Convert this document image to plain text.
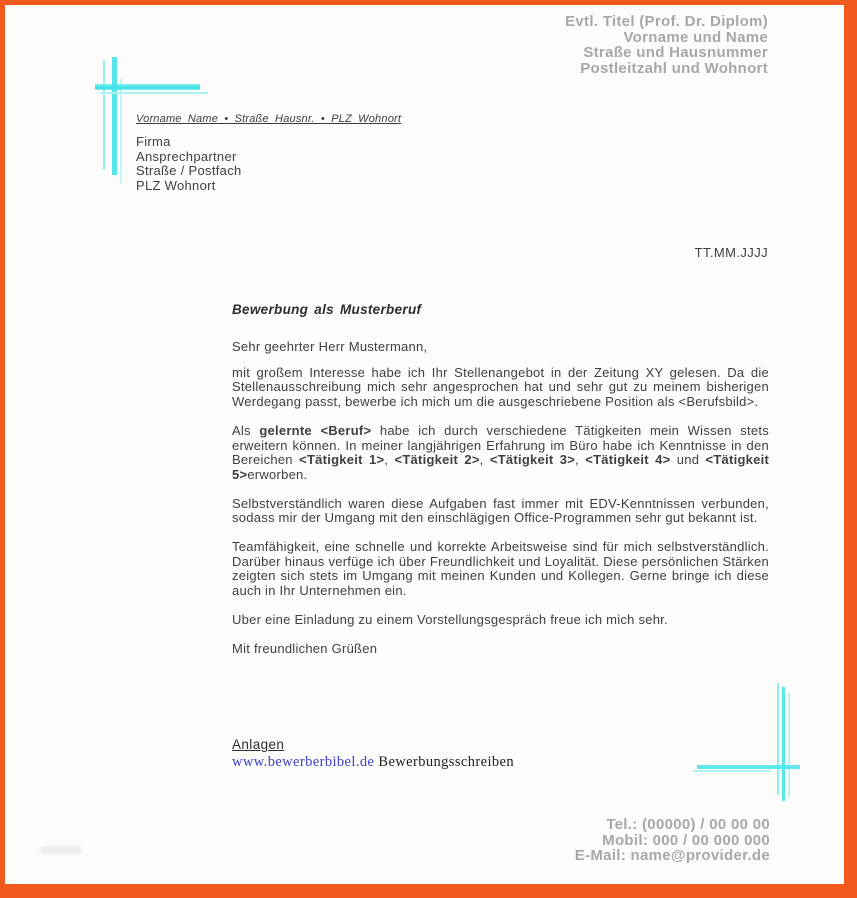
Evtl. Titel (Prof. Dr. Diplom)
Vorname und Name
Straße und Hausnummer
Postleitzahl und Wohnort
Vorname Name • Straße Hausnr. • PLZ Wohnort
Firma
Ansprechpartner
Straße / Postfach
PLZ Wohnort
TT.MM.JJJJ
Bewerbung als Musterberuf
Sehr geehrter Herr Mustermann,

mit großem Interesse habe ich Ihr Stellenangebot in der Zeitung XY gelesen. Da die Stellenausschreibung mich sehr angesprochen hat und sehr gut zu meinem bisherigen Werdegang passt, bewerbe ich mich um die ausgeschriebene Position als <Berufsbild>.

Als gelernte <Beruf> habe ich durch verschiedene Tätigkeiten mein Wissen stets erweitern können. In meiner langjährigen Erfahrung im Büro habe ich Kenntnisse in den Bereichen <Tätigkeit 1>, <Tätigkeit 2>, <Tätigkeit 3>, <Tätigkeit 4> und <Tätigkeit 5>erworben.

Selbstverständlich waren diese Aufgaben fast immer mit EDV-Kenntnissen verbunden, sodass mir der Umgang mit den einschlägigen Office-Programmen sehr gut bekannt ist.

Teamfähigkeit, eine schnelle und korrekte Arbeitsweise sind für mich selbstverständlich. Darüber hinaus verfüge ich über Freundlichkeit und Loyalität. Diese persönlichen Stärken zeigten sich stets im Umgang mit meinen Kunden und Kollegen. Gerne bringe ich diese auch in Ihr Unternehmen ein.

Uber eine Einladung zu einem Vorstellungsgespräch freue ich mich sehr.

Mit freundlichen Grüßen
Anlagen
www.bewerberbibel.de Bewerbungsschreiben
Tel.: (00000) / 00 00 00
Mobil: 000 / 00 000 000
E-Mail: name@provider.de
